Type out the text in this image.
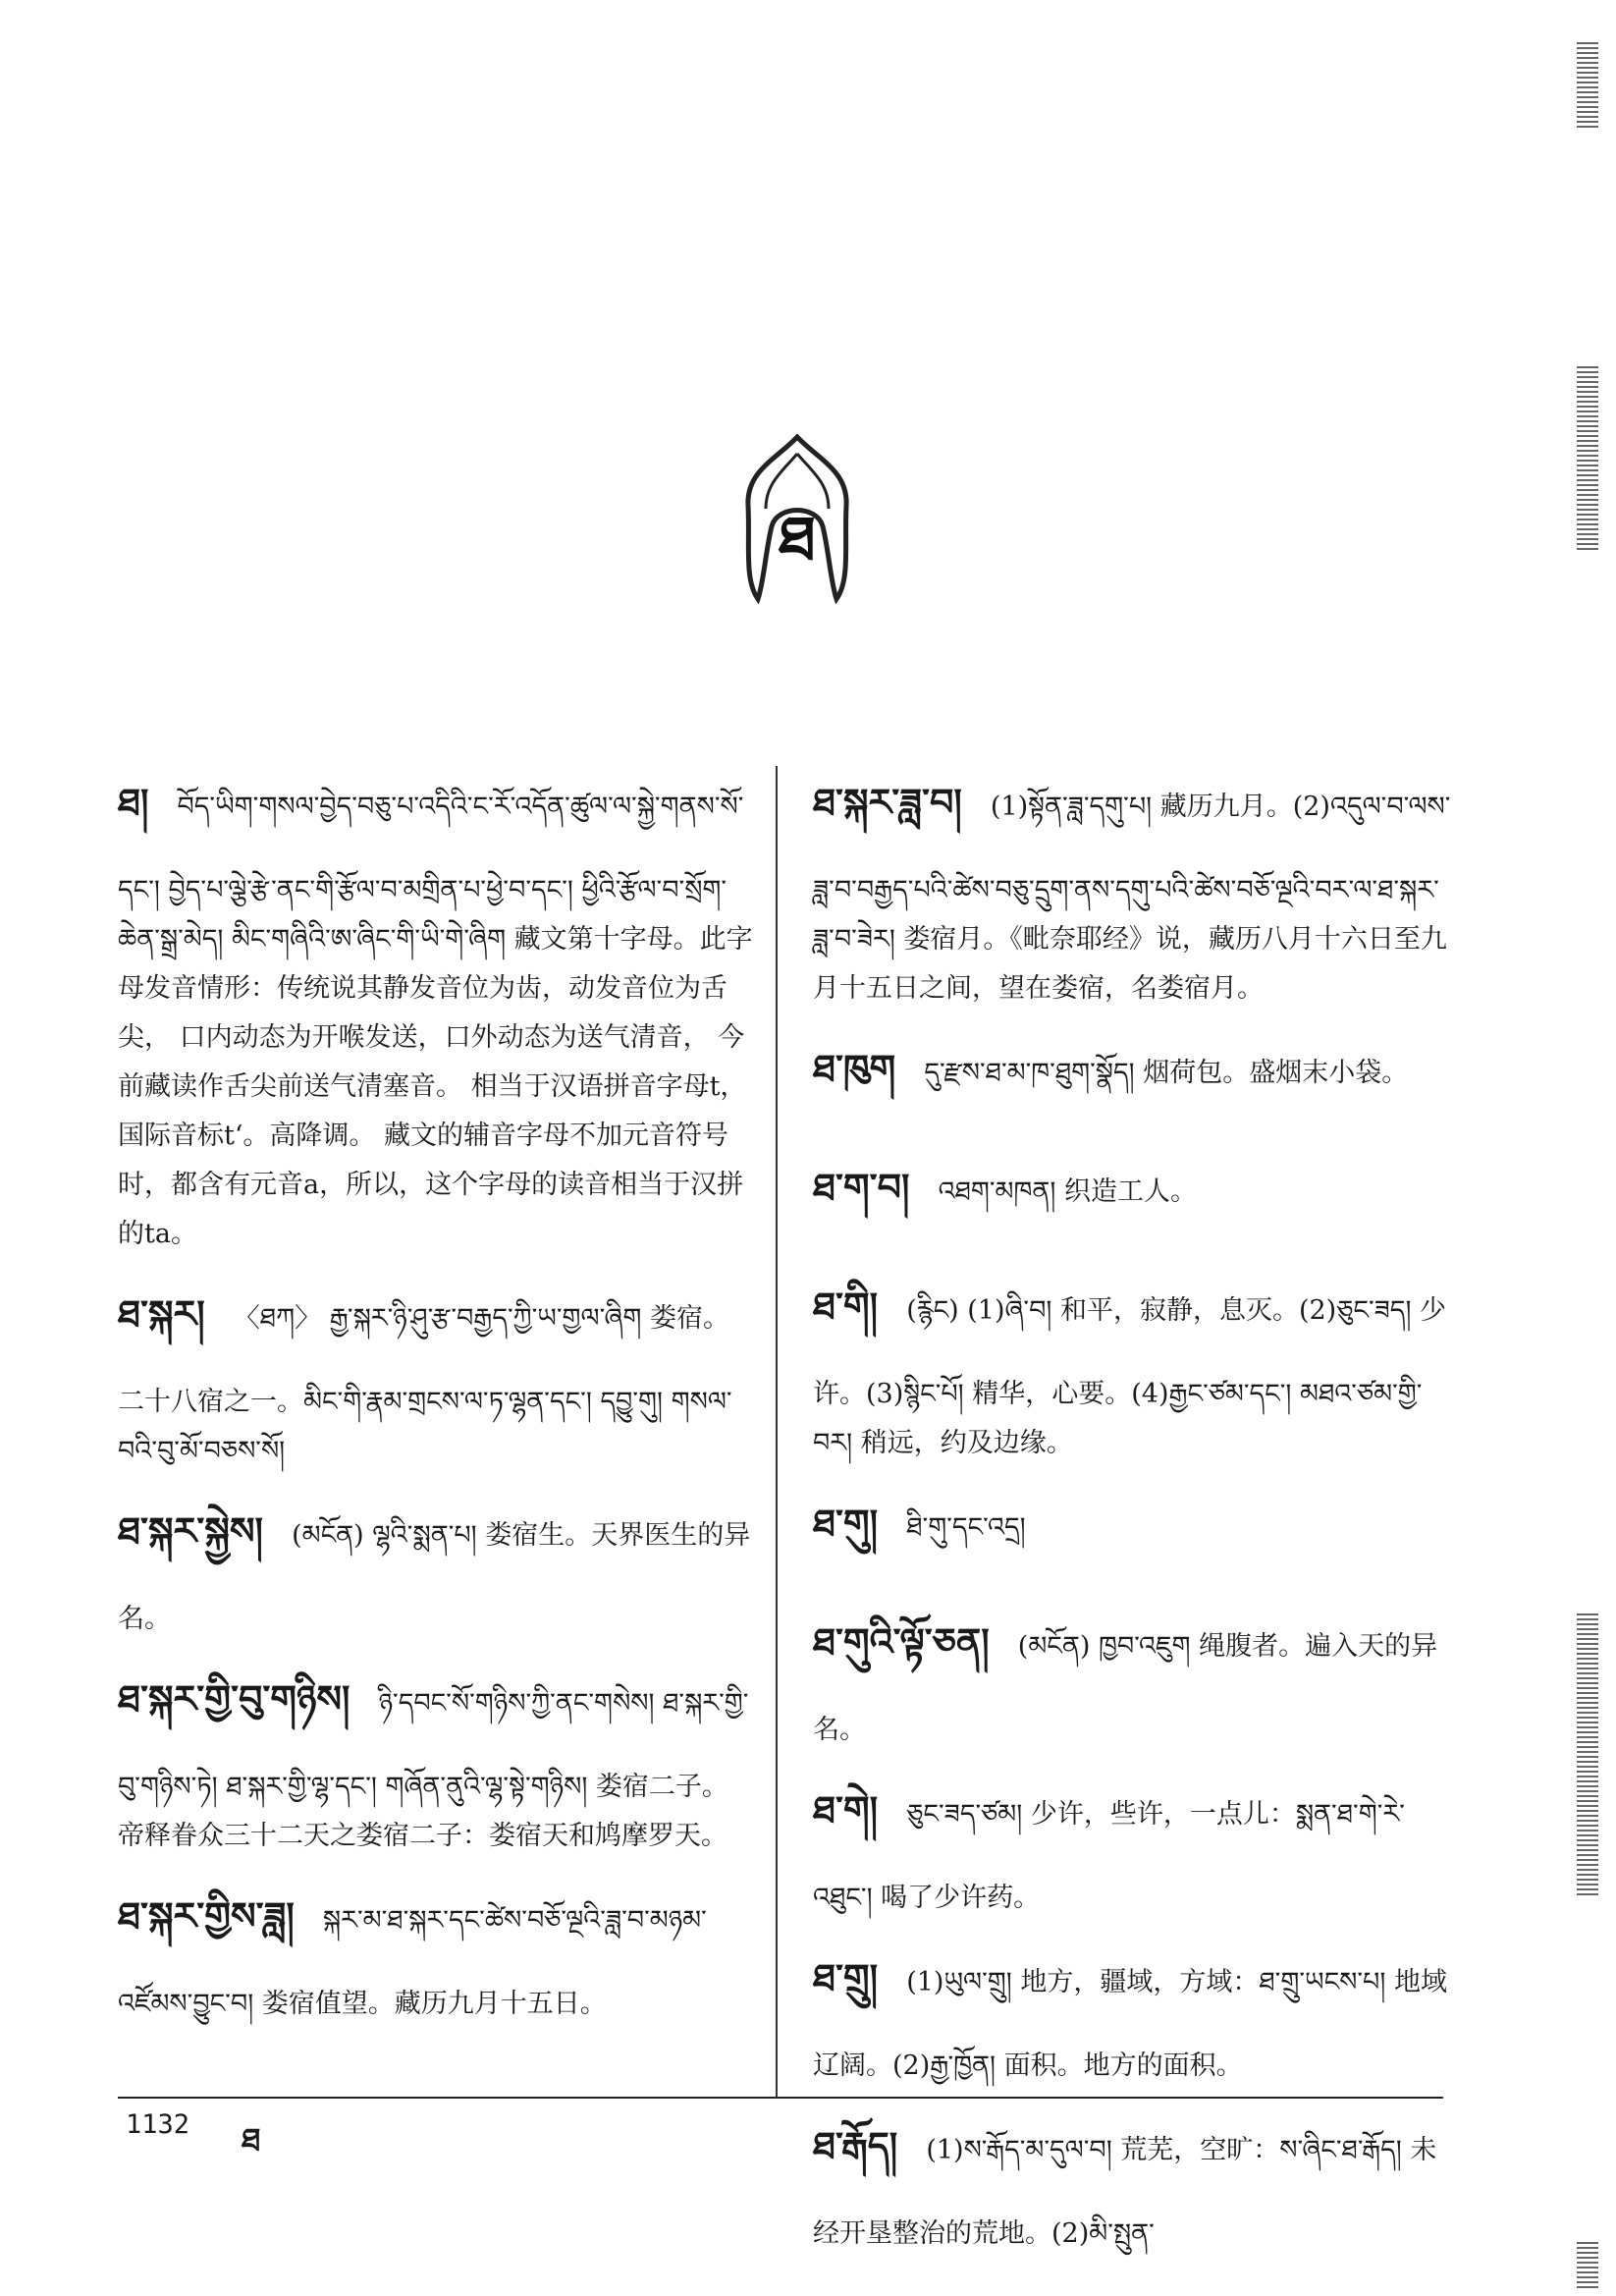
ཐ
ཐ། བོད་ཡིག་གསལ་བྱེད་བཅུ་པ་འདིའི་ང་རོ་འདོན་ཚུལ་ལ་སྐྱེ་གནས་སོ་དང་། བྱེད་པ་ལྕེ་རྩེ་ནང་གི་རྩོལ་བ་མགྲིན་པ་ཕྱེ་བ་དང་། ཕྱིའི་རྩོལ་བ་སྲོག་ཆེན་སྒྲ་མེད། མིང་གཞིའི་ཨ་ཞིང་གི་ཡི་གེ་ཞིག 藏文第十字母。此字母发音情形：传统说其静发音位为齿，动发音位为舌尖， 口内动态为开喉发送，口外动态为送气清音， 今前藏读作舌尖前送气清塞音。 相当于汉语拼音字母t，国际音标tʻ。高降调。 藏文的辅音字母不加元音符号时，都含有元音a，所以，这个字母的读音相当于汉拼的ta。
ཐ་སྐར། 〈ཐཀ〉 རྒྱ་སྐར་ཉི་ཤུ་རྩ་བརྒྱད་ཀྱི་ཡ་གྱལ་ཞིག 娄宿。二十八宿之一。མིང་གི་རྣམ་གྲངས་ལ་ཏ་ལྷན་དང་། དབྱུ་གུ། གསལ་བའི་བུ་མོ་བཅས་སོ།
ཐ་སྐར་སྐྱེས། (མངོན) ལྷའི་སྨན་པ། 娄宿生。天界医生的异名。
ཐ་སྐར་གྱི་བུ་གཉིས། ཉི་དབང་སོ་གཉིས་ཀྱི་ནང་གསེས། ཐ་སྐར་གྱི་བུ་གཉིས་ཏེ། ཐ་སྐར་གྱི་ལྷ་དང་། གཞོན་ནུའི་ལྷ་སྟེ་གཉིས། 娄宿二子。帝释眷众三十二天之娄宿二子：娄宿天和鸠摩罗天。
ཐ་སྐར་གྱིས་ཟླ། སྐར་མ་ཐ་སྐར་དང་ཚེས་བཅོ་ལྔའི་ཟླ་བ་མཉམ་འཛོམས་བྱུང་བ། 娄宿值望。藏历九月十五日。
ཐ་སྐར་ཟླ་བ། (1)སྟོན་ཟླ་དགུ་པ། 藏历九月。(2)འདུལ་བ་ལས་ཟླ་བ་བརྒྱད་པའི་ཚེས་བཅུ་དྲུག་ནས་དགུ་པའི་ཚེས་བཅོ་ལྔའི་བར་ལ་ཐ་སྐར་ཟླ་བ་ཟེར། 娄宿月。《毗奈耶经》说，藏历八月十六日至九月十五日之间，望在娄宿，名娄宿月。
ཐ་ཁུག དུ་རྫས་ཐ་མ་ཁ་ཐུག་སྣོད། 烟荷包。盛烟末小袋。
ཐ་ག་བ། འཐག་མཁན། 织造工人。
ཐ་གི། (རྙིང) (1)ཞི་བ། 和平，寂静，息灭。(2)ཅུང་ཟད། 少许。(3)སྙིང་པོ། 精华，心要。(4)རྒྱང་ཙམ་དང་། མཐའ་ཙམ་གྱི་བར། 稍远，约及边缘。
ཐ་གུ། ཐི་གུ་དང་འདྲ།
ཐ་གུའི་ལྟོ་ཅན། (མངོན) ཁྱབ་འཇུག 绳腹者。遍入天的异名。
ཐ་གེ། ཅུང་ཟད་ཙམ། 少许，些许，一点儿：སྨན་ཐ་གེ་རེ་འཐུང་། 喝了少许药。
ཐ་གྲུ། (1)ཡུལ་གྲུ། 地方，疆域，方域：ཐ་གྲུ་ཡངས་པ། 地域辽阔。(2)རྒྱ་ཁྱོན། 面积。地方的面积。
ཐ་རྒོད། (1)ས་རྒོད་མ་དུལ་བ། 荒芜，空旷：ས་ཞིང་ཐ་རྒོད། 未经开垦整治的荒地。(2)མི་སྤུན་
1132 ཐ
